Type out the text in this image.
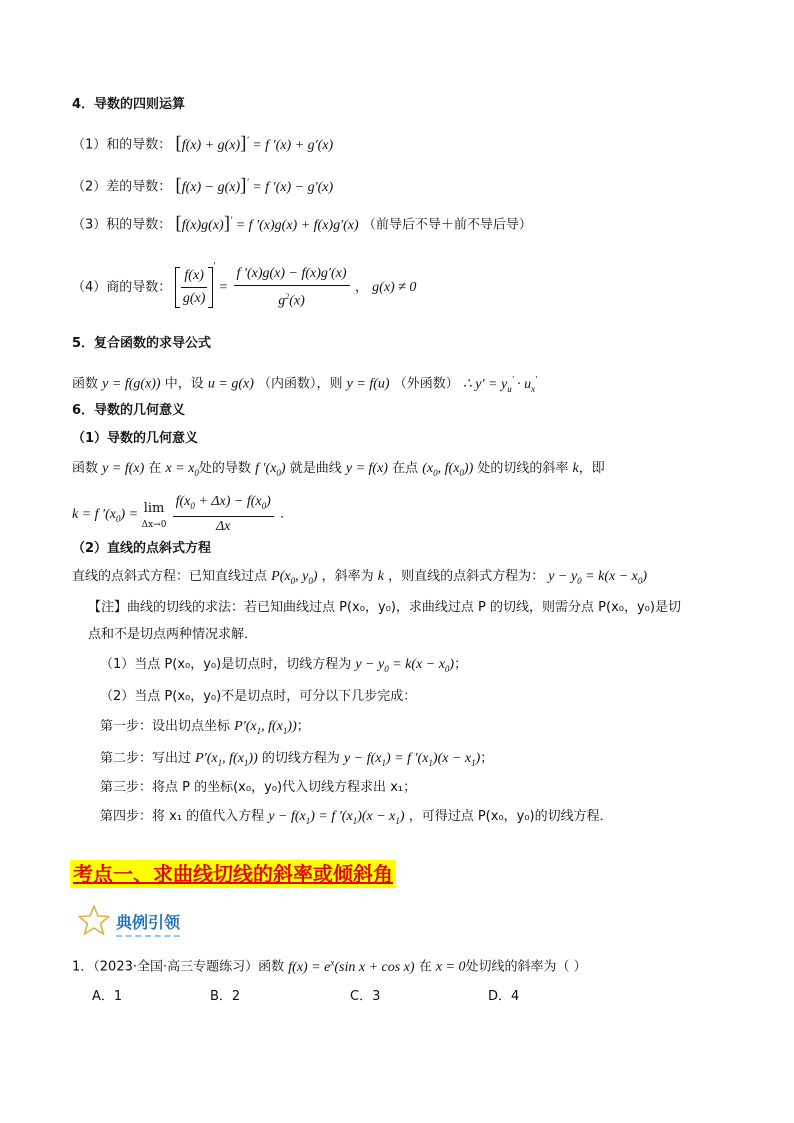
4．导数的四则运算
（1）和的导数： [f(x) + g(x)]′ = f ′(x) + g′(x)
（2）差的导数： [f(x) − g(x)]′ = f ′(x) − g′(x)
（3）积的导数： [f(x)g(x)]′ = f ′(x)g(x) + f(x)g′(x) （前导后不导＋前不导后导）
（4）商的导数： $\frac{f(x)}{g(x)}$
$' = \frac{f '(x)g(x) - f(x)g'(x)}{g^2(x)}$ ， g(x) ≠ 0
5．复合函数的求导公式
函数 y = f(g(x)) 中，设 u = g(x) （内函数），则 y = f(u) （外函数） ∴ $y' = y_u' \cdot u_x'$
6．导数的几何意义
（1）导数的几何意义
函数 y = f(x) 在 $x = x_0$处的导数 f $'(x_0)$ 就是曲线 y = f(x) 在点 ($x_0$, $f(x_0)$) 处的切线的斜率 k，即
k = f $'(x_0) = \lim$
Δx→0
$\frac{f(x_0 + \Delta x) - f(x_0)}{\Delta x}$ ．
（2）直线的点斜式方程
直线的点斜式方程：已知直线过点 $P(x_0$, $y_0$) ，斜率为 k ，则直线的点斜式方程为： $y - y_0 = k(x - x_0)$
【注】曲线的切线的求法：若已知曲线过点 P(x₀，y₀)，求曲线过点 P 的切线，则需分点 P(x₀，y₀)是切
点和不是切点两种情况求解．
（1）当点 P(x₀，y₀)是切点时，切线方程为 $y - y_0 = k(x - x_0)$；
（2）当点 P(x₀，y₀)不是切点时，可分以下几步完成：
第一步：设出切点坐标 $P'(x_1$, $f(x_1)$)；
第二步：写出过 $P'(x_1$, $f(x_1)$) 的切线方程为 $y - f(x_1) = f$ $'(x_1)(x - x_1)$；
第三步：将点 P 的坐标(x₀，y₀)代入切线方程求出 x₁；
第四步：将 x₁ 的值代入方程 $y - f(x_1) = f$ $'(x_1)(x - x_1)$ ，可得过点 P(x₀，y₀)的切线方程．
考点一、求曲线切线的斜率或倾斜角
典例引领
1．（2023·全国·高三专题练习）函数 $f(x) = e^x(\sin$ x + cos x) 在 x = 0处切线的斜率为（ ）
A．1	B．2	C．3	D．4
